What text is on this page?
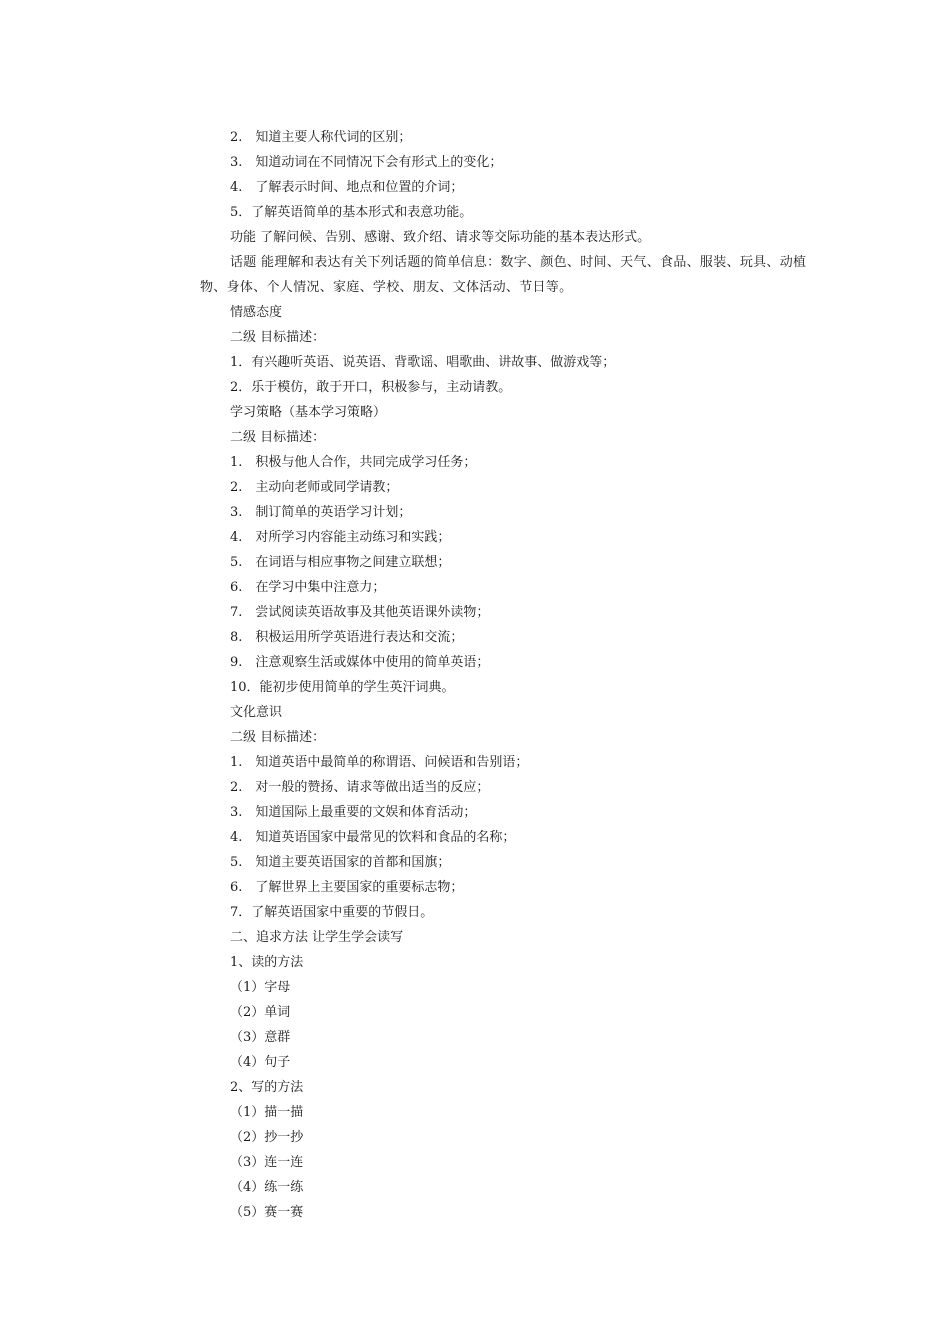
2.　知道主要人称代词的区别；
3.　知道动词在不同情况下会有形式上的变化；
4.　了解表示时间、地点和位置的介词；
5．了解英语简单的基本形式和表意功能。
功能 了解问候、告别、感谢、致介绍、请求等交际功能的基本表达形式。
话题 能理解和表达有关下列话题的简单信息：数字、颜色、时间、天气、食品、服装、玩具、动植物、身体、个人情况、家庭、学校、朋友、文体活动、节日等。
情感态度
二级 目标描述：
1．有兴趣听英语、说英语、背歌谣、唱歌曲、讲故事、做游戏等；
2．乐于模仿，敢于开口，积极参与，主动请教。
学习策略（基本学习策略）
二级 目标描述：
1.　积极与他人合作，共同完成学习任务；
2.　主动向老师或同学请教；
3.　制订简单的英语学习计划；
4.　对所学习内容能主动练习和实践；
5.　在词语与相应事物之间建立联想；
6.　在学习中集中注意力；
7.　尝试阅读英语故事及其他英语课外读物；
8.　积极运用所学英语进行表达和交流；
9.　注意观察生活或媒体中使用的简单英语；
10．能初步使用简单的学生英汗词典。
文化意识
二级 目标描述：
1.　知道英语中最简单的称谓语、问候语和告别语；
2.　对一般的赞扬、请求等做出适当的反应；
3.　知道国际上最重要的文娱和体育活动；
4.　知道英语国家中最常见的饮料和食品的名称；
5.　知道主要英语国家的首都和国旗；
6.　了解世界上主要国家的重要标志物；
7．了解英语国家中重要的节假日。
二、追求方法 让学生学会读写
1、读的方法
（1）字母
（2）单词
（3）意群
（4）句子
2、写的方法
（1）描一描
（2）抄一抄
（3）连一连
（4）练一练
（5）赛一赛
